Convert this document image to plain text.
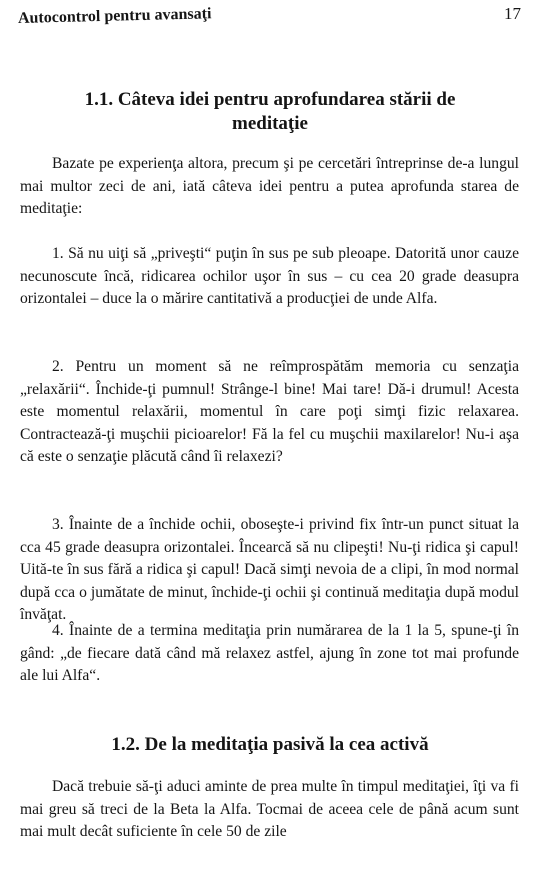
Autocontrol pentru avansaţi	17
1.1. Câteva idei pentru aprofundarea stării de
meditaţie

Bazate pe experienţa altora, precum şi pe cercetări întreprinse de-a lungul mai multor zeci de ani, iată câteva idei pentru a putea aprofunda starea de meditaţie:

1. Să nu uiţi să „priveşti“ puţin în sus pe sub pleoape. Datorită unor cauze necunoscute încă, ridicarea ochilor uşor în sus – cu cea 20 grade deasupra orizontalei – duce la o mărire cantitativă a producţiei de unde Alfa.

2. Pentru un moment să ne reîmprospătăm memoria cu senzaţia „relaxării“. Închide-ţi pumnul! Strânge-l bine! Mai tare! Dă-i drumul! Acesta este momentul relaxării, momentul în care poţi simţi fizic relaxarea. Contractează-ţi muşchii picioarelor! Fă la fel cu muşchii maxilarelor! Nu-i aşa că este o senzaţie plăcută când îi relaxezi?

3. Înainte de a închide ochii, oboseşte-i privind fix într-un punct situat la cca 45 grade deasupra orizontalei. Încearcă să nu clipeşti! Nu-ţi ridica şi capul! Uită-te în sus fără a ridica şi capul! Dacă simţi nevoia de a clipi, în mod normal după cca o jumătate de minut, închide-ţi ochii şi continuă meditaţia după modul învăţat.

4. Înainte de a termina meditaţia prin numărarea de la 1 la 5, spune-ţi în gând: „de fiecare dată când mă relaxez astfel, ajung în zone tot mai profunde ale lui Alfa“.

1.2. De la meditaţia pasivă la cea activă

Dacă trebuie să-ţi aduci aminte de prea multe în timpul meditaţiei, îţi va fi mai greu să treci de la Beta la Alfa. Tocmai de aceea cele de până acum sunt mai mult decât suficiente în cele 50 de zile
